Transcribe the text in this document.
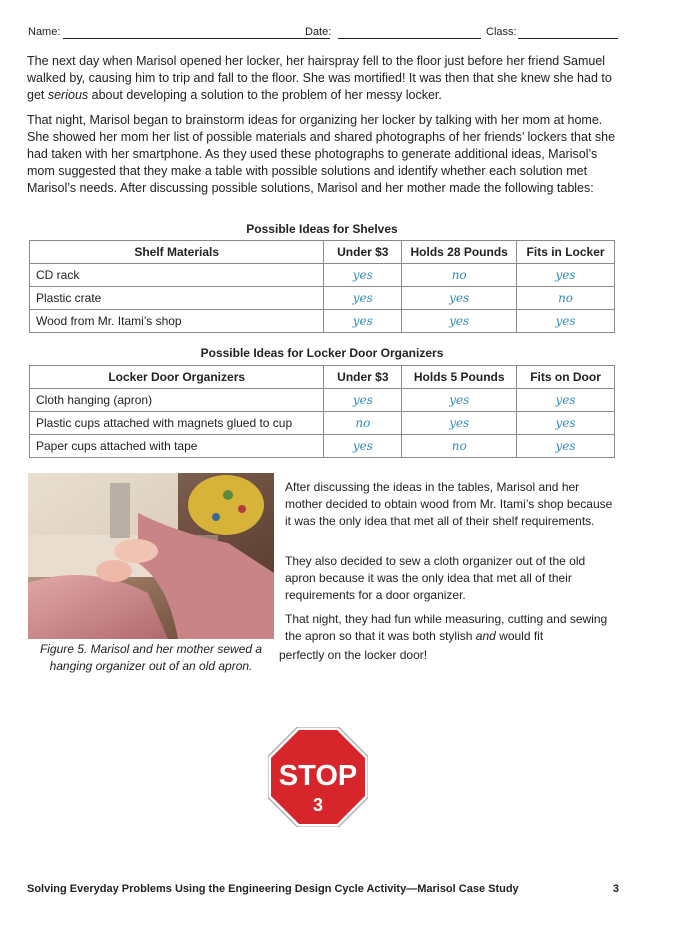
Name:	Date:	Class:

The next day when Marisol opened her locker, her hairspray fell to the floor just before her friend Samuel walked by, causing him to trip and fall to the floor. She was mortified! It was then that she knew she had to get serious about developing a solution to the problem of her messy locker.

That night, Marisol began to brainstorm ideas for organizing her locker by talking with her mom at home. She showed her mom her list of possible materials and shared photographs of her friends’ lockers that she had taken with her smartphone. As they used these photographs to generate additional ideas, Marisol’s mom suggested that they make a table with possible solutions and identify whether each solution met Marisol’s needs. After discussing possible solutions, Marisol and her mother made the following tables:

Possible Ideas for Shelves
Shelf Materials	Under $3	Holds 28 Pounds	Fits in Locker
CD rack	yes	no	yes
Plastic crate	yes	yes	no
Wood from Mr. Itami’s shop	yes	yes	yes
Possible Ideas for Locker Door Organizers
Locker Door Organizers	Under $3	Holds 5 Pounds	Fits on Door
Cloth hanging (apron)	yes	yes	yes
Plastic cups attached with magnets glued to cup	no	yes	yes
Paper cups attached with tape	yes	no	yes
Figure 5. Marisol and her mother sewed a
hanging organizer out of an old apron.

After discussing the ideas in the tables, Marisol and her mother decided to obtain wood from Mr. Itami’s shop because it was the only idea that met all of their shelf requirements.

They also decided to sew a cloth organizer out of the old apron because it was the only idea that met all of their requirements for a door organizer.

That night, they had fun while measuring, cutting and sewing the apron so that it was both stylish and would fit

perfectly on the locker door!

STOP
3
Solving Everyday Problems Using the Engineering Design Cycle Activity—Marisol Case Study	3
